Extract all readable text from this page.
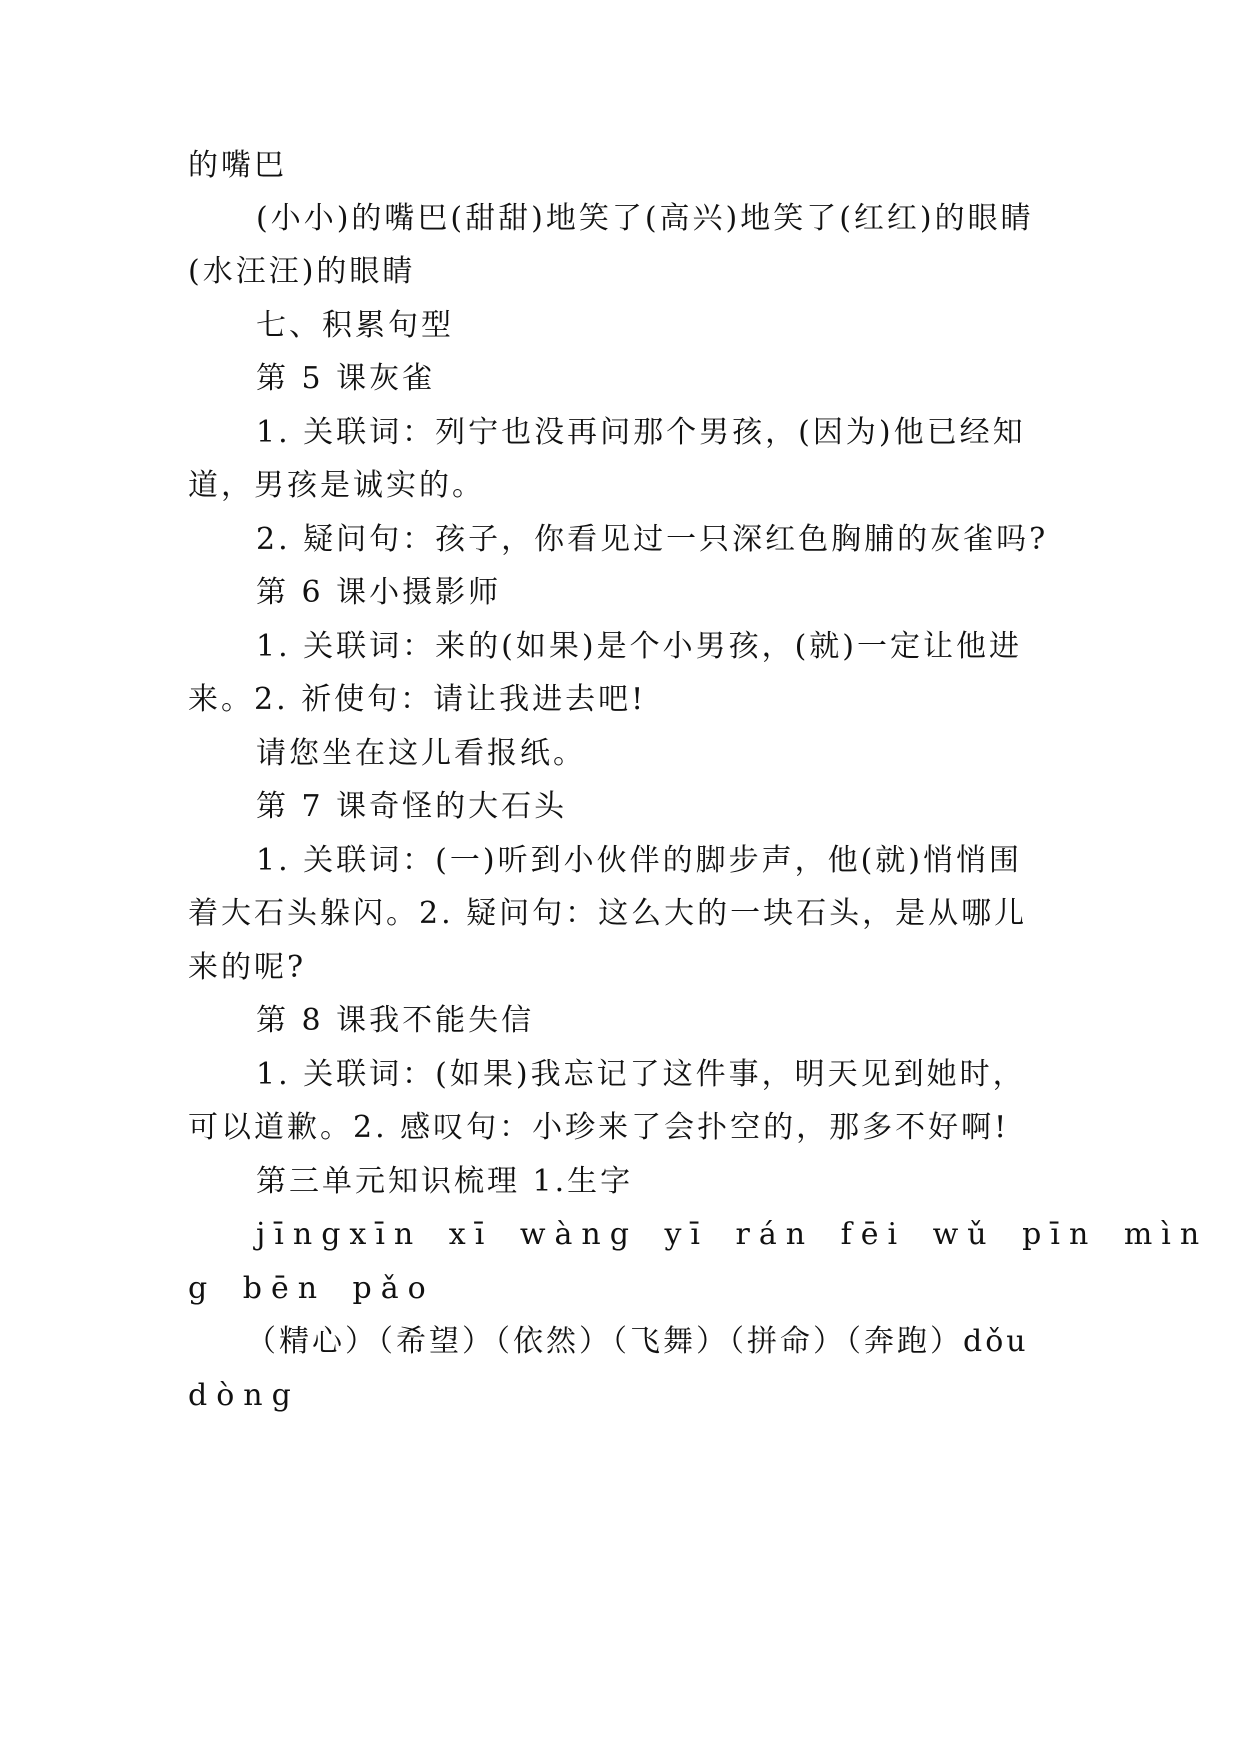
的嘴巴
(小小)的嘴巴(甜甜)地笑了(高兴)地笑了(红红)的眼睛
(水汪汪)的眼睛
七、积累句型
第 5 课灰雀
1. 关联词：列宁也没再问那个男孩，(因为)他已经知
道，男孩是诚实的。
2. 疑问句：孩子，你看见过一只深红色胸脯的灰雀吗?
第 6 课小摄影师
1. 关联词：来的(如果)是个小男孩，(就)一定让他进
来。2. 祈使句：请让我进去吧!
请您坐在这儿看报纸。
第 7 课奇怪的大石头
1. 关联词：(一)听到小伙伴的脚步声，他(就)悄悄围
着大石头躲闪。2. 疑问句：这么大的一块石头，是从哪儿
来的呢?
第 8 课我不能失信
1. 关联词：(如果)我忘记了这件事，明天见到她时，
可以道歉。2. 感叹句：小珍来了会扑空的，那多不好啊!
第三单元知识梳理 1.生字
jīngxīn xī wàng yī rán fēi wǔ pīn mìn
g bēn pǎo
（精心）（希望）（依然）（飞舞）（拼命）（奔跑）dǒu
dòng
